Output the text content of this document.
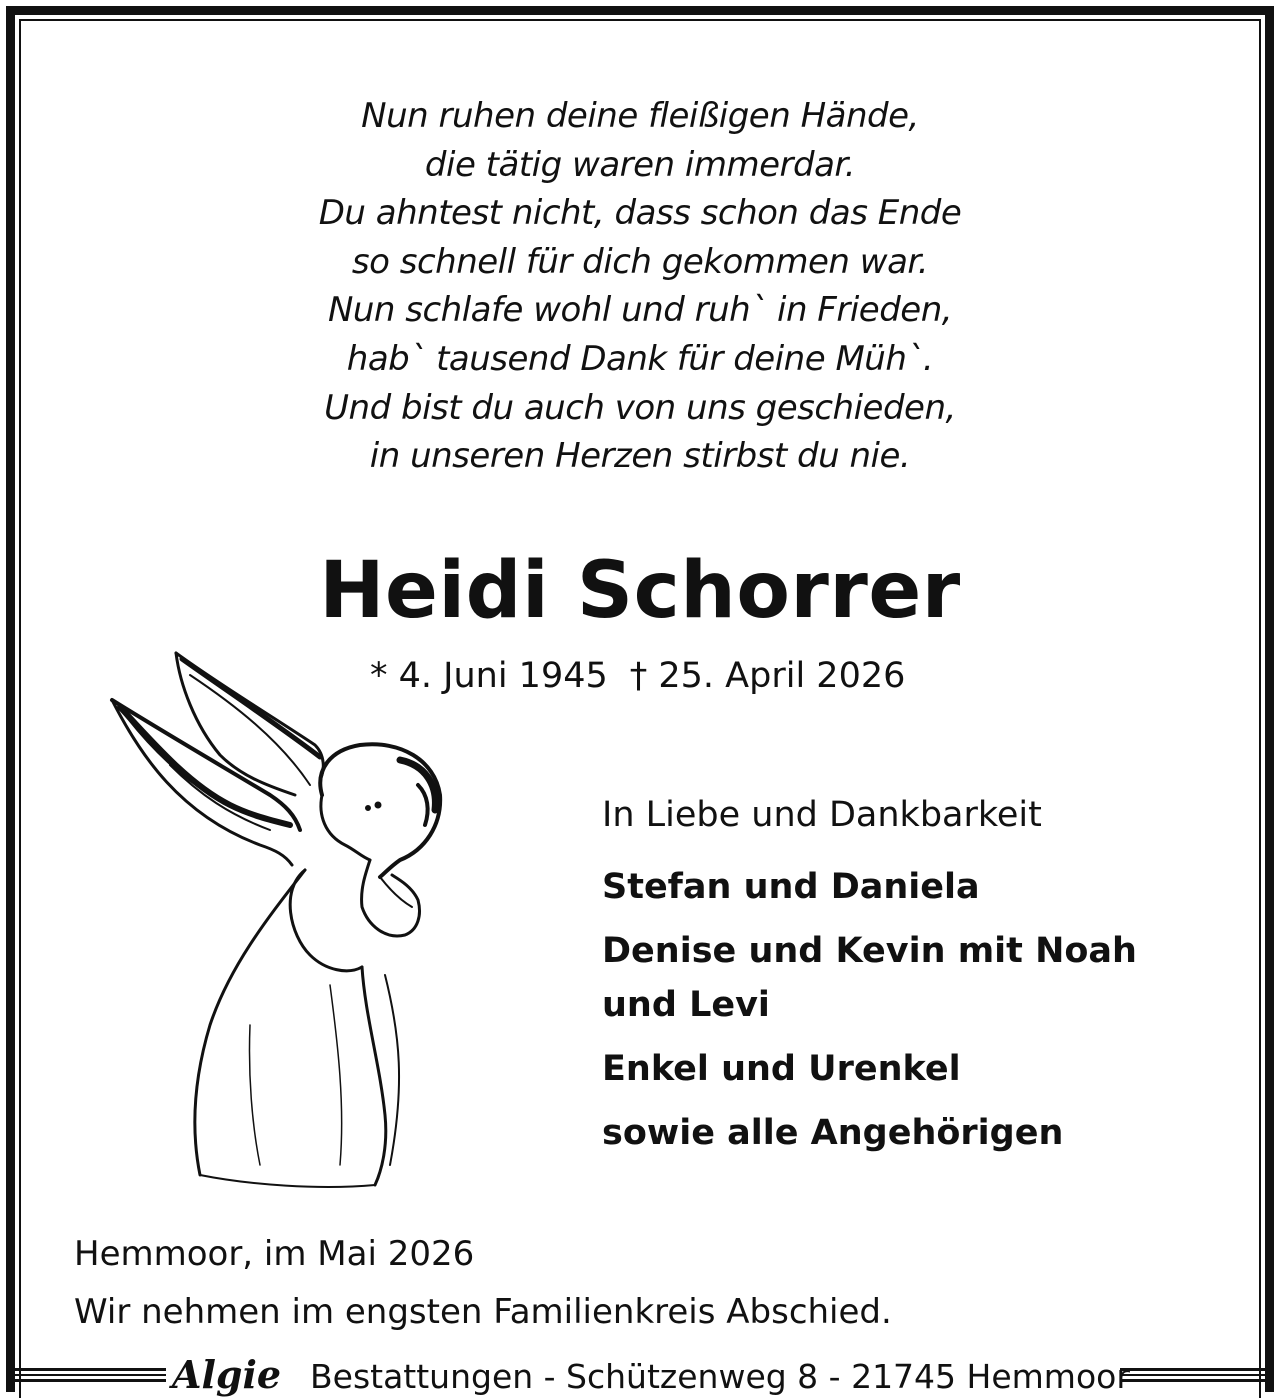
Nun ruhen deine fleißigen Hände,
die tätig waren immerdar.
Du ahntest nicht, dass schon das Ende
so schnell für dich gekommen war.
Nun schlafe wohl und ruh` in Frieden,
hab` tausend Dank für deine Müh`.
Und bist du auch von uns geschieden,
in unseren Herzen stirbst du nie.
Heidi Schorrer
* 4. Juni 1945 † 25. April 2026
In Liebe und Dankbarkeit
Stefan und Daniela
Denise und Kevin mit Noah
und Levi
Enkel und Urenkel
sowie alle Angehörigen
Hemmoor, im Mai 2026
Wir nehmen im engsten Familienkreis Abschied.
Algie Bestattungen - Schützenweg 8 - 21745 Hemmoor
